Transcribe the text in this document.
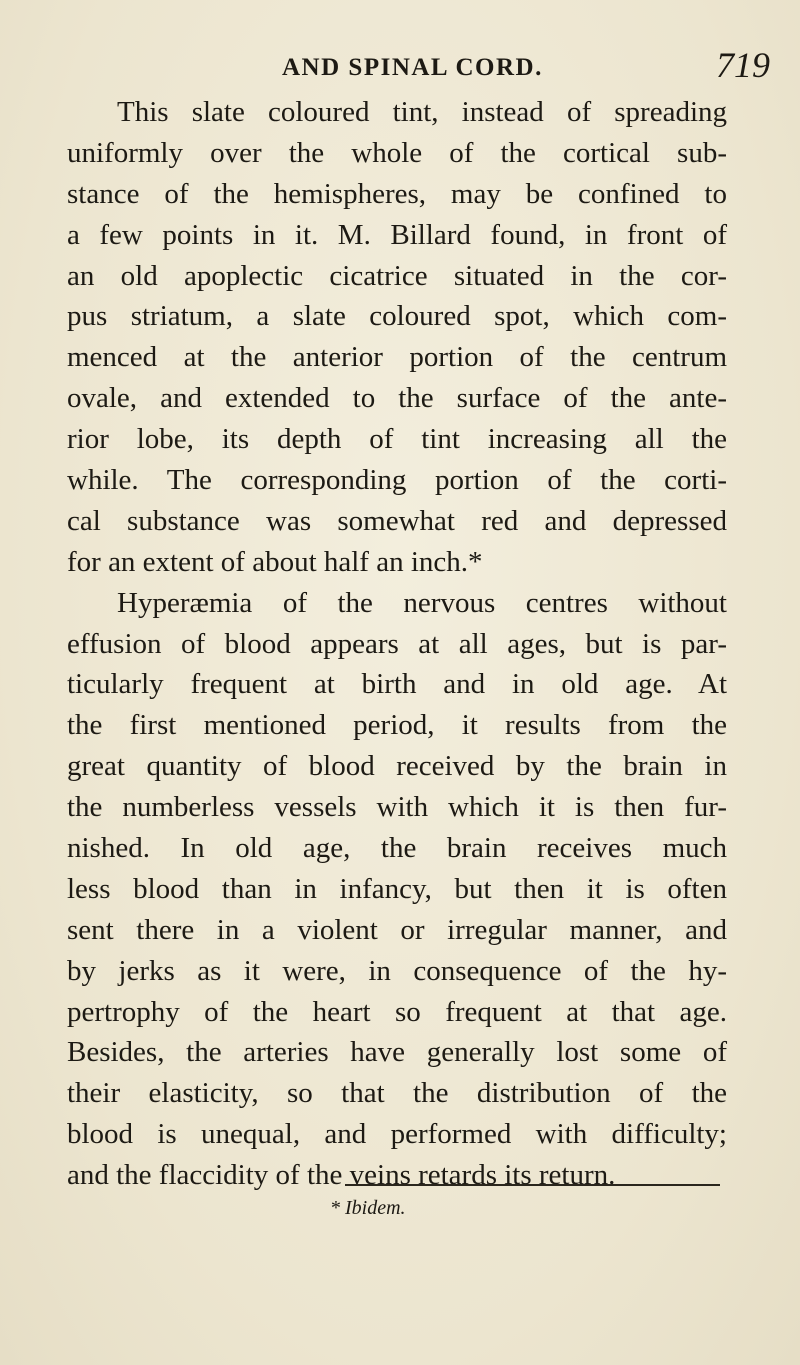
AND SPINAL CORD.	719
This slate coloured tint, instead of spreading
uniformly over the whole of the cortical sub-
stance of the hemispheres, may be confined to
a few points in it. M. Billard found, in front of
an old apoplectic cicatrice situated in the cor-
pus striatum, a slate coloured spot, which com-
menced at the anterior portion of the centrum
ovale, and extended to the surface of the ante-
rior lobe, its depth of tint increasing all the
while. The corresponding portion of the corti-
cal substance was somewhat red and depressed
for an extent of about half an inch.*
Hyperæmia of the nervous centres without
effusion of blood appears at all ages, but is par-
ticularly frequent at birth and in old age. At
the first mentioned period, it results from the
great quantity of blood received by the brain in
the numberless vessels with which it is then fur-
nished. In old age, the brain receives much
less blood than in infancy, but then it is often
sent there in a violent or irregular manner, and
by jerks as it were, in consequence of the hy-
pertrophy of the heart so frequent at that age.
Besides, the arteries have generally lost some of
their elasticity, so that the distribution of the
blood is unequal, and performed with difficulty;
and the flaccidity of the veins retards its return.
* Ibidem.
